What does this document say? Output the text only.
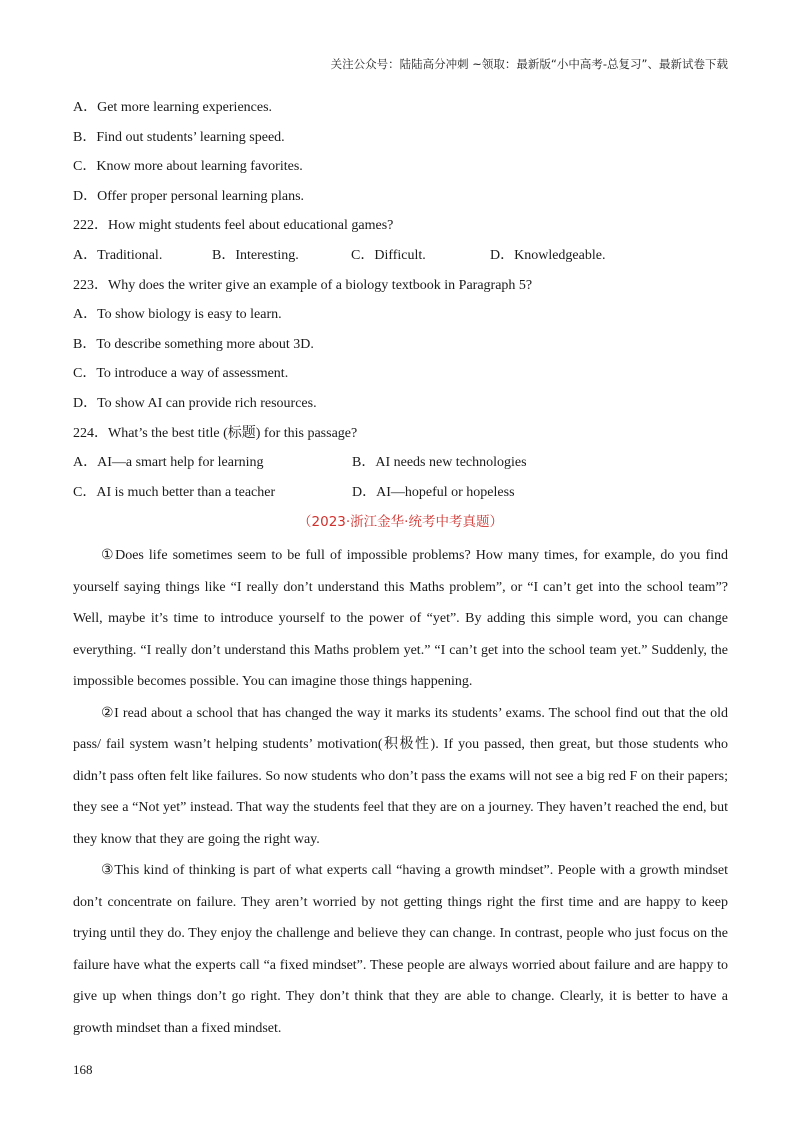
关注公众号：陆陆高分冲刺 ~领取：最新版“小中高考-总复习”、最新试卷下载
A．Get more learning experiences.
B．Find out students’ learning speed.
C．Know more about learning favorites.
D．Offer proper personal learning plans.
222．How might students feel about educational games?
A．Traditional.	B．Interesting.	C．Difficult.	D．Knowledgeable.
223．Why does the writer give an example of a biology textbook in Paragraph 5?
A．To show biology is easy to learn.
B．To describe something more about 3D.
C．To introduce a way of assessment.
D．To show AI can provide rich resources.
224．What’s the best title (标题) for this passage?
A．AI—a smart help for learning	B．AI needs new technologies
C．AI is much better than a teacher	D．AI—hopeful or hopeless
（2023·浙江金华·统考中考真题）

①Does life sometimes seem to be full of impossible problems? How many times, for example, do you find yourself saying things like “I really don’t understand this Maths problem”, or “I can’t get into the school team”? Well, maybe it’s time to introduce yourself to the power of “yet”. By adding this simple word, you can change everything. “I really don’t understand this Maths problem yet.” “I can’t get into the school team yet.” Suddenly, the impossible becomes possible. You can imagine those things happening.

②I read about a school that has changed the way it marks its students’ exams. The school find out that the old pass/ fail system wasn’t helping students’ motivation(积极性). If you passed, then great, but those students who didn’t pass often felt like failures. So now students who don’t pass the exams will not see a big red F on their papers; they see a “Not yet” instead. That way the students feel that they are on a journey. They haven’t reached the end, but they know that they are going the right way.

③This kind of thinking is part of what experts call “having a growth mindset”. People with a growth mindset don’t concentrate on failure. They aren’t worried by not getting things right the first time and are happy to keep trying until they do. They enjoy the challenge and believe they can change. In contrast, people who just focus on the failure have what the experts call “a fixed mindset”. These people are always worried about failure and are happy to give up when things don’t go right. They don’t think that they are able to change. Clearly, it is better to have a growth mindset than a fixed mindset.

168
